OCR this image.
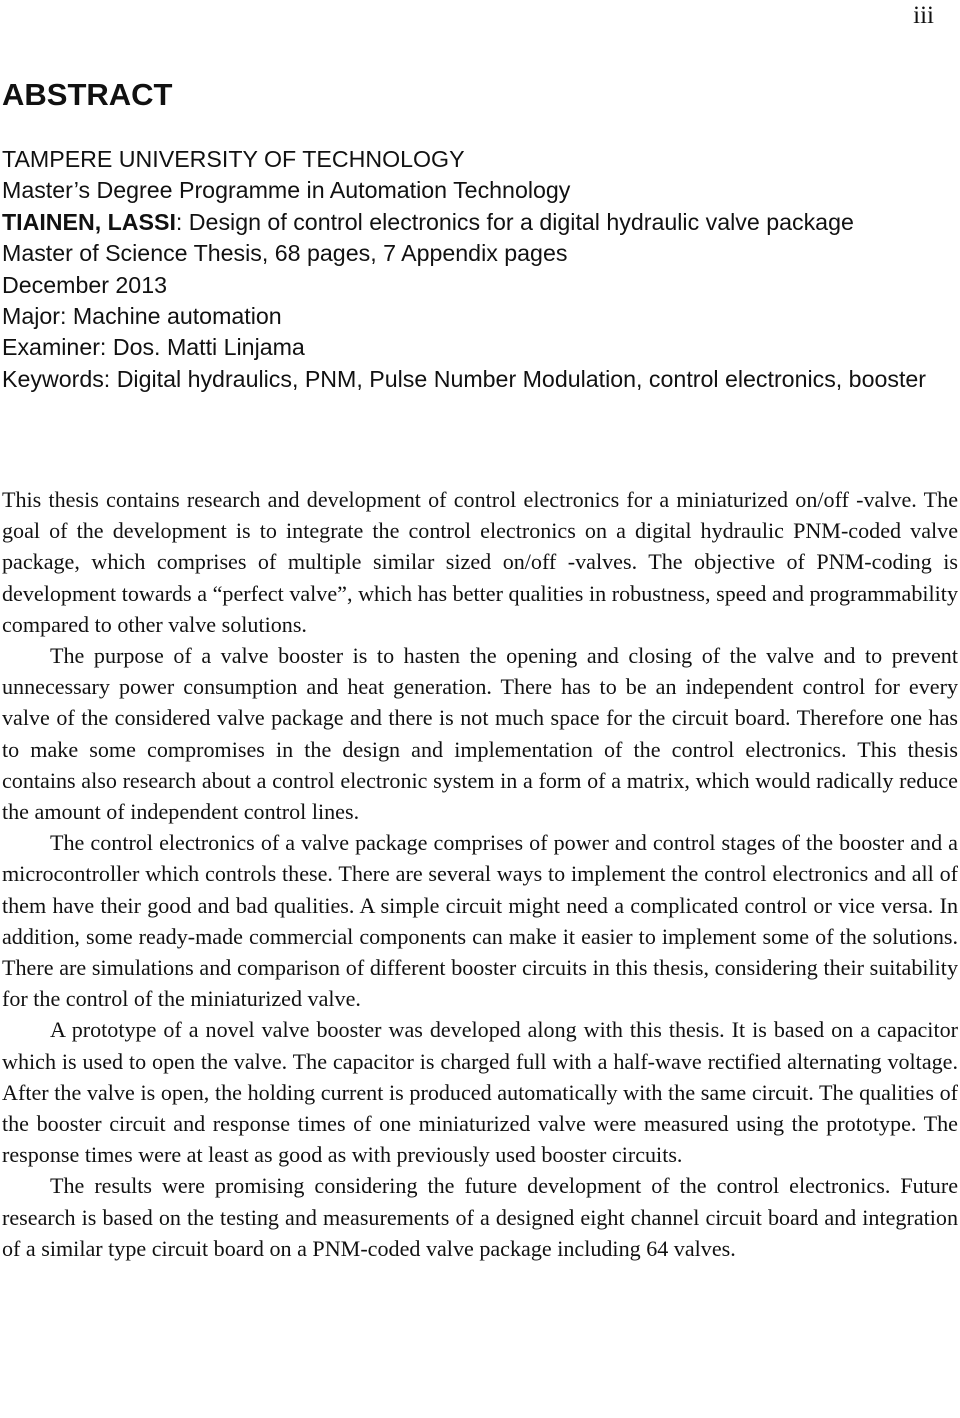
iii
ABSTRACT
TAMPERE UNIVERSITY OF TECHNOLOGY
Master’s Degree Programme in Automation Technology
TIAINEN, LASSI: Design of control electronics for a digital hydraulic valve package
Master of Science Thesis, 68 pages, 7 Appendix pages
December 2013
Major: Machine automation
Examiner: Dos. Matti Linjama
Keywords: Digital hydraulics, PNM, Pulse Number Modulation, control electronics, booster

This thesis contains research and development of control electronics for a miniaturized on/off -valve. The goal of the development is to integrate the control electronics on a digital hydraulic PNM-coded valve package, which comprises of multiple similar sized on/off -valves. The objective of PNM-coding is development towards a “perfect valve”, which has better qualities in robustness, speed and programmability compared to other valve solutions.

The purpose of a valve booster is to hasten the opening and closing of the valve and to prevent unnecessary power consumption and heat generation. There has to be an independent control for every valve of the considered valve package and there is not much space for the circuit board. Therefore one has to make some compromises in the design and implementation of the control electronics. This thesis contains also research about a control electronic system in a form of a matrix, which would radically reduce the amount of independent control lines.

The control electronics of a valve package comprises of power and control stages of the booster and a microcontroller which controls these. There are several ways to implement the control electronics and all of them have their good and bad qualities. A simple circuit might need a complicated control or vice versa. In addition, some ready-made commercial components can make it easier to implement some of the solutions. There are simulations and comparison of different booster circuits in this thesis, considering their suitability for the control of the miniaturized valve.

A prototype of a novel valve booster was developed along with this thesis. It is based on a capacitor which is used to open the valve. The capacitor is charged full with a half-wave rectified alternating voltage. After the valve is open, the holding current is produced automatically with the same circuit. The qualities of the booster circuit and response times of one miniaturized valve were measured using the prototype. The response times were at least as good as with previously used booster circuits.

The results were promising considering the future development of the control electronics. Future research is based on the testing and measurements of a designed eight channel circuit board and integration of a similar type circuit board on a PNM-coded valve package including 64 valves.
